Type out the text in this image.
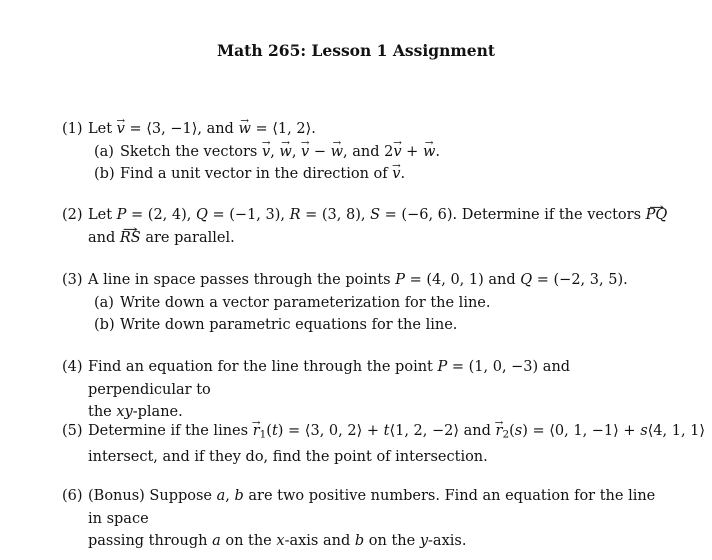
Math 265: Lesson 1 Assignment
(1) Let → v = ⟨3, −1⟩, and → w = ⟨1, 2⟩.
(a) Sketch the vectors → v, → w, → v − → w, and 2→ v + → w.
(b) Find a unit vector in the direction of → v.
(2) Let P = (2, 4), Q = (−1, 3), R = (3, 8), S = (−6, 6). Determine if the vectors → PQ
and → RS are parallel.
(3) A line in space passes through the points P = (4, 0, 1) and Q = (−2, 3, 5).
(a) Write down a vector parameterization for the line.
(b) Write down parametric equations for the line.
(4) Find an equation for the line through the point P = (1, 0, −3) and perpendicular to
the xy-plane.
(5) Determine if the lines → r1(t) = ⟨3, 0, 2⟩ + t⟨1, 2, −2⟩ and → r2(s) = ⟨0, 1, −1⟩ + s⟨4, 1, 1⟩
intersect, and if they do, find the point of intersection.
(6) (Bonus) Suppose a, b are two positive numbers. Find an equation for the line in space
passing through a on the x-axis and b on the y-axis.
